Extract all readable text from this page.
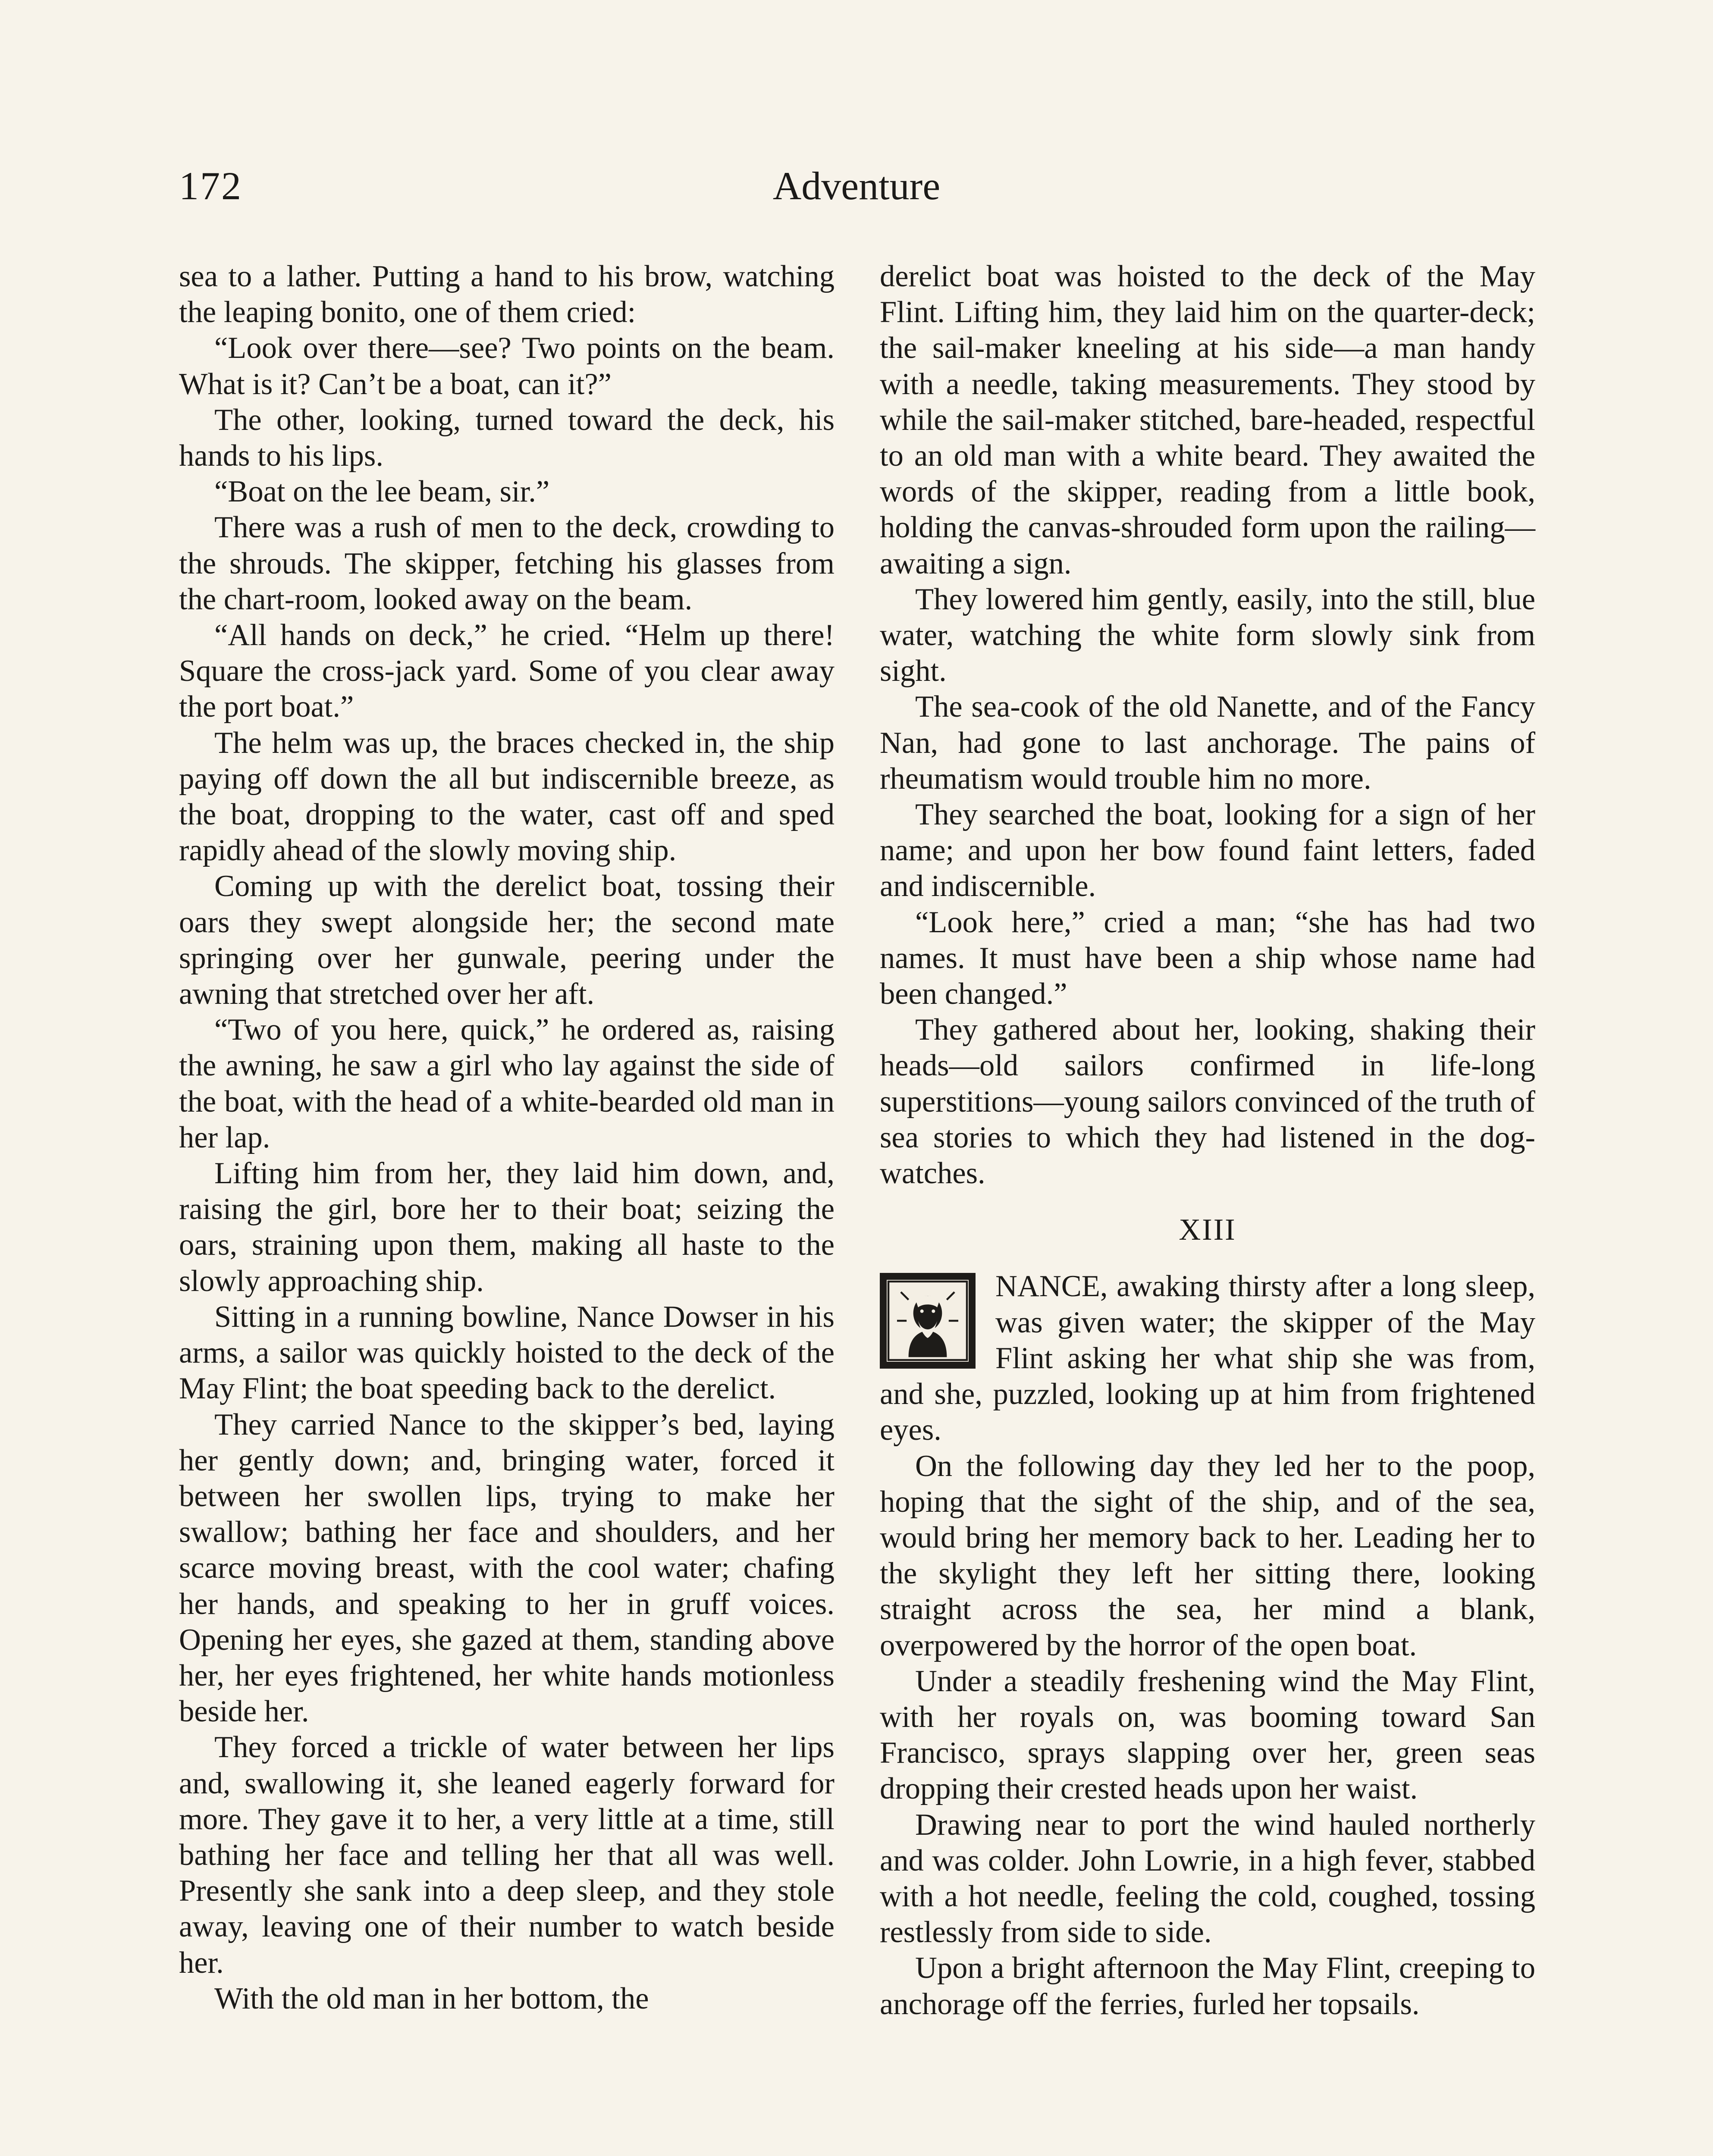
172	Adventure

sea to a lather. Putting a hand to his brow, watching the leaping bonito, one of them cried:

“Look over there—see? Two points on the beam. What is it? Can’t be a boat, can it?”

The other, looking, turned toward the deck, his hands to his lips.

“Boat on the lee beam, sir.”

There was a rush of men to the deck, crowding to the shrouds. The skipper, fetching his glasses from the chart-room, looked away on the beam.

“All hands on deck,” he cried. “Helm up there! Square the cross-jack yard. Some of you clear away the port boat.”

The helm was up, the braces checked in, the ship paying off down the all but indiscernible breeze, as the boat, dropping to the water, cast off and sped rapidly ahead of the slowly moving ship.

Coming up with the derelict boat, tossing their oars they swept alongside her; the second mate springing over her gunwale, peering under the awning that stretched over her aft.

“Two of you here, quick,” he ordered as, raising the awning, he saw a girl who lay against the side of the boat, with the head of a white-bearded old man in her lap.

Lifting him from her, they laid him down, and, raising the girl, bore her to their boat; seizing the oars, straining upon them, making all haste to the slowly approaching ship.

Sitting in a running bowline, Nance Dowser in his arms, a sailor was quickly hoisted to the deck of the May Flint; the boat speeding back to the derelict.

They carried Nance to the skipper’s bed, laying her gently down; and, bringing water, forced it between her swollen lips, trying to make her swallow; bathing her face and shoulders, and her scarce moving breast, with the cool water; chafing her hands, and speaking to her in gruff voices. Opening her eyes, she gazed at them, standing above her, her eyes frightened, her white hands motionless beside her.

They forced a trickle of water between her lips and, swallowing it, she leaned eagerly forward for more. They gave it to her, a very little at a time, still bathing her face and telling her that all was well. Presently she sank into a deep sleep, and they stole away, leaving one of their number to watch beside her.

With the old man in her bottom, the

derelict boat was hoisted to the deck of the May Flint. Lifting him, they laid him on the quarter-deck; the sail-maker kneeling at his side—a man handy with a needle, taking measurements. They stood by while the sail-maker stitched, bare-headed, respectful to an old man with a white beard. They awaited the words of the skipper, reading from a little book, holding the canvas-shrouded form upon the railing—awaiting a sign.

They lowered him gently, easily, into the still, blue water, watching the white form slowly sink from sight.

The sea-cook of the old Nanette, and of the Fancy Nan, had gone to last anchorage. The pains of rheumatism would trouble him no more.

They searched the boat, looking for a sign of her name; and upon her bow found faint letters, faded and indiscernible.

“Look here,” cried a man; “she has had two names. It must have been a ship whose name had been changed.”

They gathered about her, looking, shaking their heads—old sailors confirmed in life-long superstitions—young sailors convinced of the truth of sea stories to which they had listened in the dog-watches.

XIII

NANCE, awaking thirsty after a long sleep, was given water; the skipper of the May Flint asking her what ship she was from, and she, puzzled, looking up at him from frightened eyes.

On the following day they led her to the poop, hoping that the sight of the ship, and of the sea, would bring her memory back to her. Leading her to the skylight they left her sitting there, looking straight across the sea, her mind a blank, overpowered by the horror of the open boat.

Under a steadily freshening wind the May Flint, with her royals on, was booming toward San Francisco, sprays slapping over her, green seas dropping their crested heads upon her waist.

Drawing near to port the wind hauled northerly and was colder. John Lowrie, in a high fever, stabbed with a hot needle, feeling the cold, coughed, tossing restlessly from side to side.

Upon a bright afternoon the May Flint, creeping to anchorage off the ferries, furled her topsails.
